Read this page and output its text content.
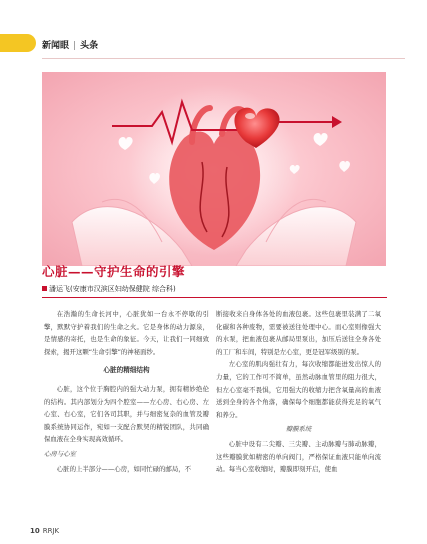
新闻眼 | 头条
心脏——守护生命的引擎
潘运飞(安康市汉滨区妇幼保健院 综合科)

在浩瀚的生命长河中，心脏犹如一台永不停歇的引擎，默默守护着我们的生命之火。它是身体的动力源泉，是情感的寄托，也是生命的象征。今天，让我们一同细致探索，揭开这颗“生命引擎”的神秘面纱。

心脏的精细结构

心脏，这个位于胸腔内的强大动力泵，拥有精妙绝伦的结构。其内部划分为四个腔室——左心房、右心房、左心室、右心室，它们各司其职，并与细密复杂的血管及瓣膜系统协同运作，宛如一支配合默契的精锐团队，共同确保血液在全身实现高效循环。

心房与心室

心脏的上半部分——心房，如同忙碌的邮局，不

断接收来自身体各处的血液包裹。这些包裹里装满了二氧化碳和各种废物，需要被送往处理中心。而心室则像强大的水泵，把血液包裹从邮局里泵出，加压后送往全身各处的工厂和车间，特别是左心室，更是冠军级别的泵。

左心室的肌肉强壮有力，每次收缩都能迸发出惊人的力量，它的工作可不简单，虽然动脉血管里的阻力很大，但左心室毫不畏惧，它用强大的收缩力把含氧量高的血液送到全身的各个角落，确保每个细胞都能获得充足的氧气和养分。

瓣膜系统

心脏中设有二尖瓣、三尖瓣、主动脉瓣与肺动脉瓣，这些瓣膜犹如精密的单向阀门，严格保证血液只能单向流动。每当心室收缩时，瓣膜即刻开启，使血

10 RRJK
